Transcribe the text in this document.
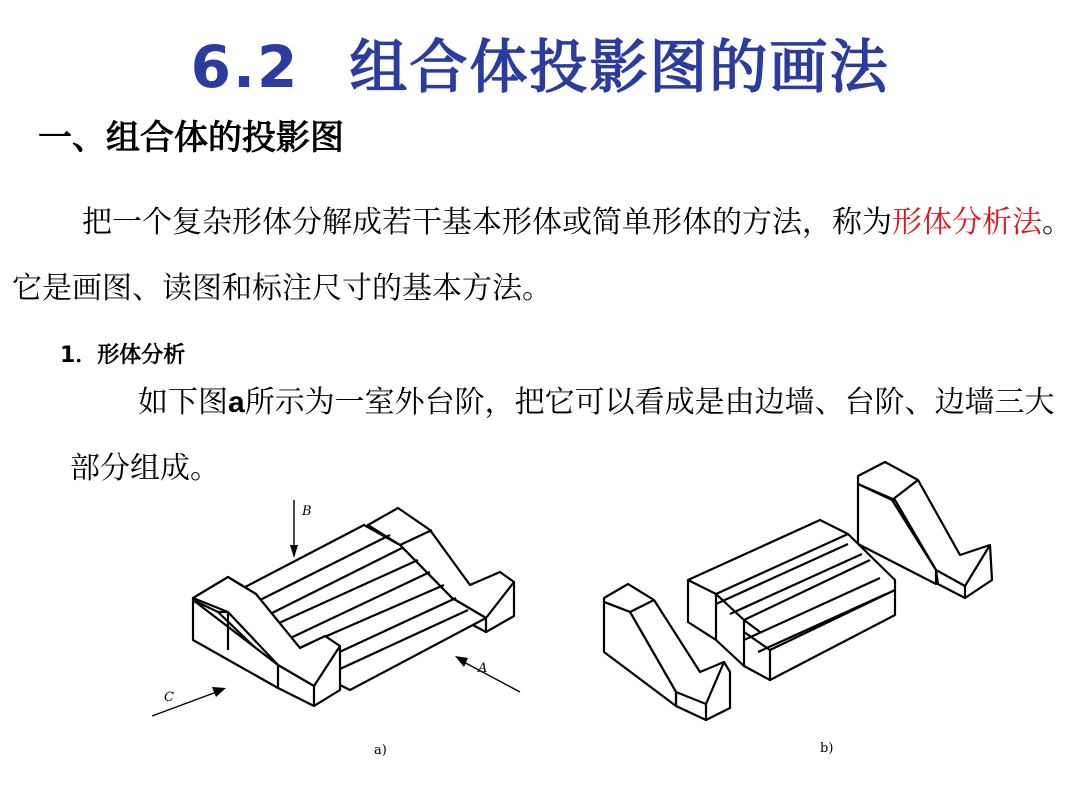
6.2 组合体投影图的画法
一、组合体的投影图
把一个复杂形体分解成若干基本形体或简单形体的方法，称为形体分析法。它是画图、读图和标注尺寸的基本方法。
1．形体分析
如下图a所示为一室外台阶，把它可以看成是由边墙、台阶、边墙三大部分组成。
B
A
C
a)	b)
